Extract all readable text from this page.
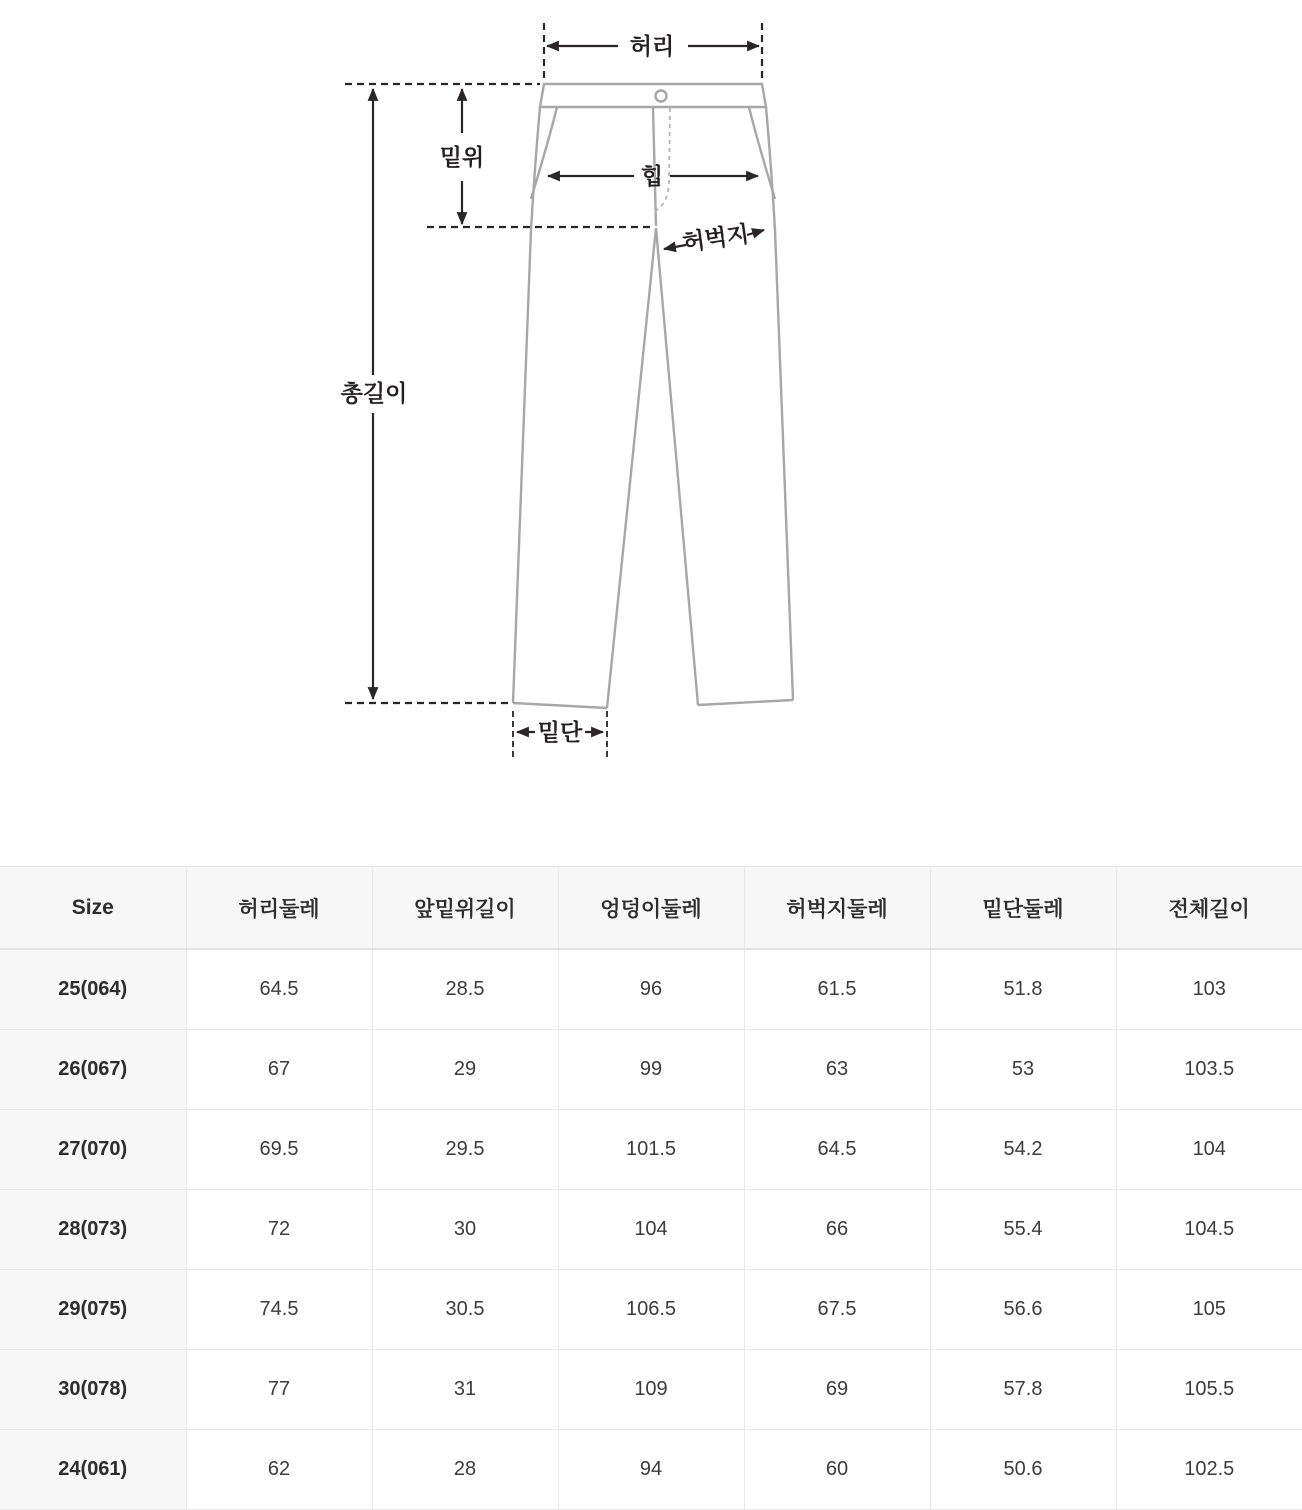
허리
밑위
총길이
힙
허벅지
밑단
Size	허리둘레	앞밑위길이	엉덩이둘레	허벅지둘레	밑단둘레	전체길이
25(064)	64.5	28.5	96	61.5	51.8	103
26(067)	67	29	99	63	53	103.5
27(070)	69.5	29.5	101.5	64.5	54.2	104
28(073)	72	30	104	66	55.4	104.5
29(075)	74.5	30.5	106.5	67.5	56.6	105
30(078)	77	31	109	69	57.8	105.5
24(061)	62	28	94	60	50.6	102.5
